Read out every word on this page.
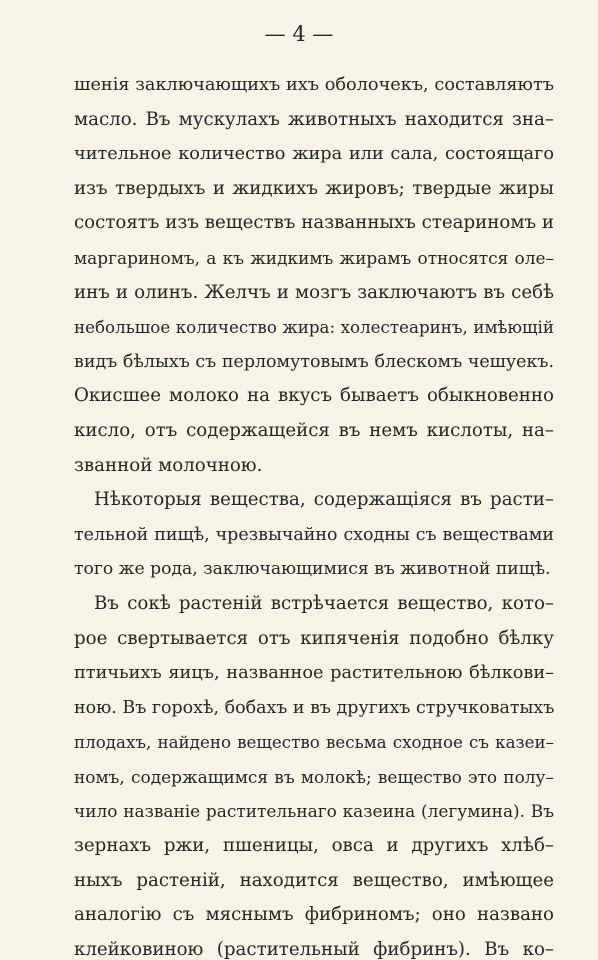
— 4 —
шенія заключающихъ ихъ оболочекъ, составляютъ
масло. Въ мускулахъ животныхъ находится зна–
чительное количество жира или сала, состоящаго
изъ твердыхъ и жидкихъ жировъ; твердые жиры
состоятъ изъ веществъ названныхъ стеариномъ и
маргариномъ, а къ жидкимъ жирамъ относятся оле–
инъ и олинъ. Желчъ и мозгъ заключаютъ въ себѣ
небольшое количество жира: холестеаринъ, имѣющій
видъ бѣлыхъ съ перломутовымъ блескомъ чешуекъ.
Окисшее молоко на вкусъ бываетъ обыкновенно
кисло, отъ содержащейся въ немъ кислоты, на–
званной молочною.
Нѣкоторыя вещества, содержащіяся въ расти–
тельной пищѣ, чрезвычайно сходны съ веществами
того же рода, заключающимися въ животной пищѣ.
Въ сокѣ растеній встрѣчается вещество, кото–
рое свертывается отъ кипяченія подобно бѣлку
птичьихъ яицъ, названное растительною бѣлкови–
ною. Въ горохѣ, бобахъ и въ другихъ стручковатыхъ
плодахъ, найдено вещество весьма сходное съ казеи–
номъ, содержащимся въ молокѣ; вещество это полу–
чило названіе растительнаго казеина (легумина). Въ
зернахъ ржи, пшеницы, овса и другихъ хлѣб–
ныхъ растеній, находится вещество, имѣющее
аналогію съ мяснымъ фибриномъ; оно названо
клейковиною (растительный фибринъ). Въ ко–
